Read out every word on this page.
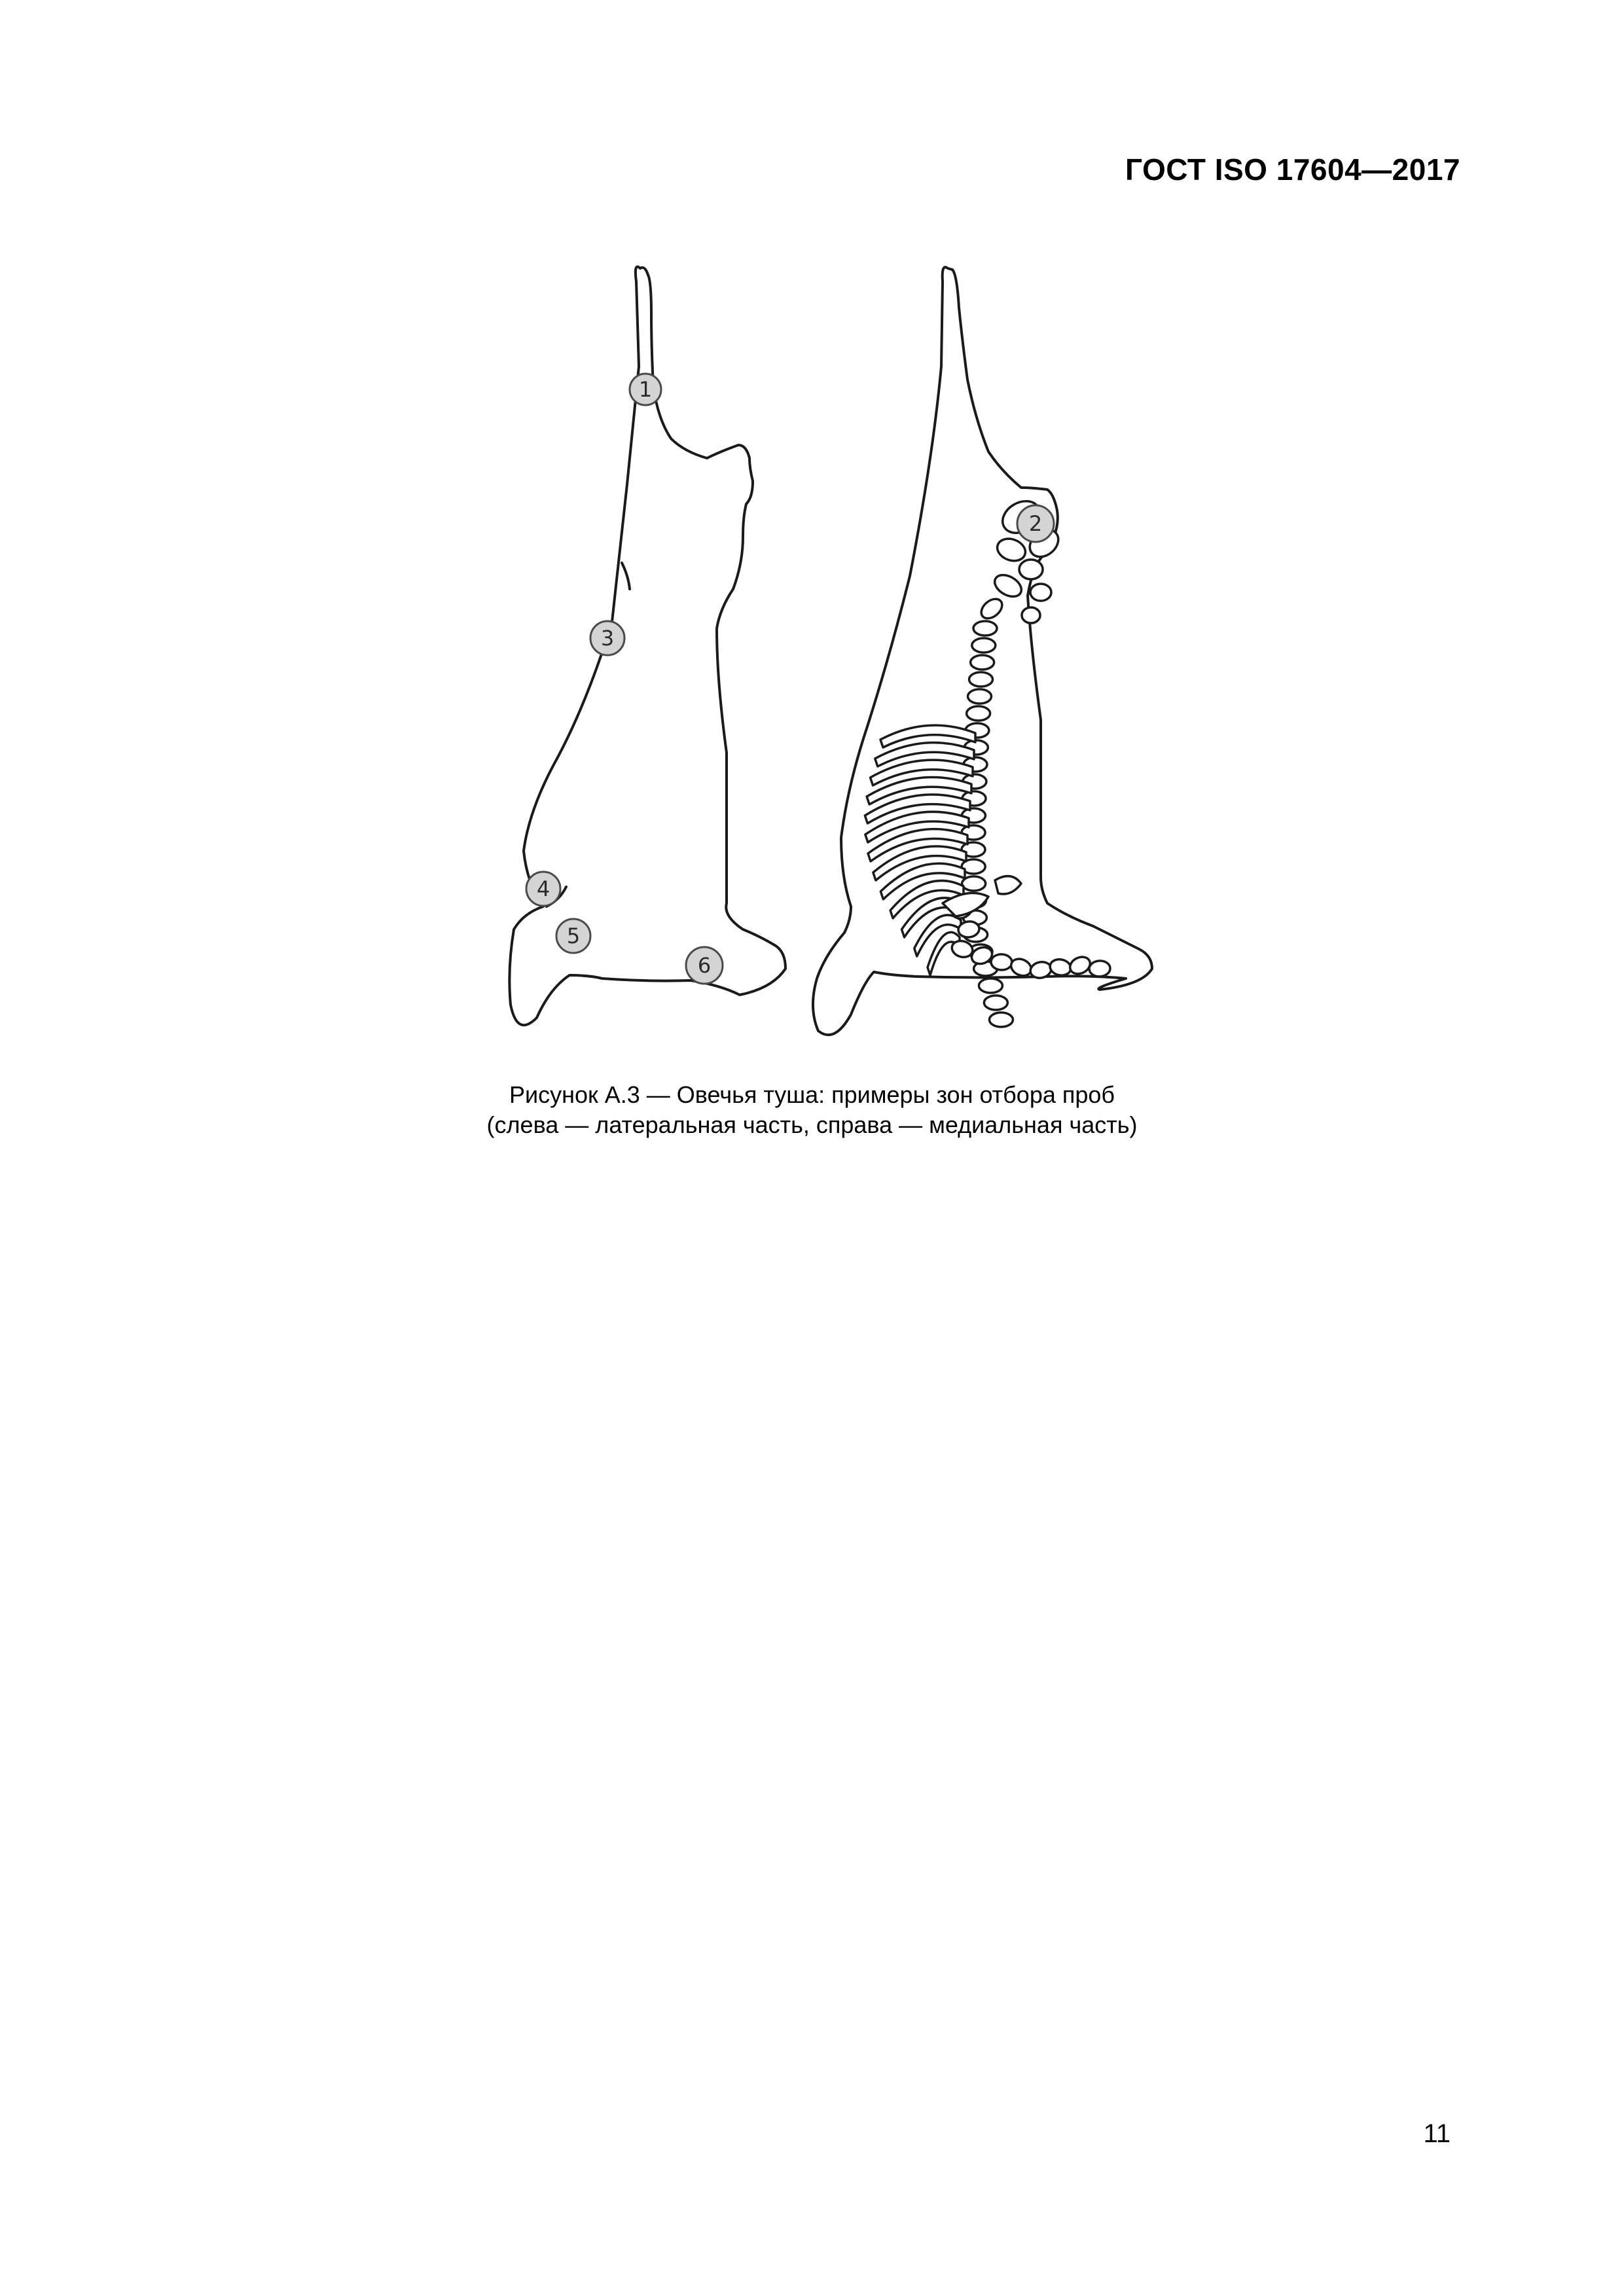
ГОСТ ISO 17604—2017
1
2
3
4
5
6
Рисунок А.3 — Овечья туша: примеры зон отбора проб
(слева — латеральная часть, справа — медиальная часть)
11
